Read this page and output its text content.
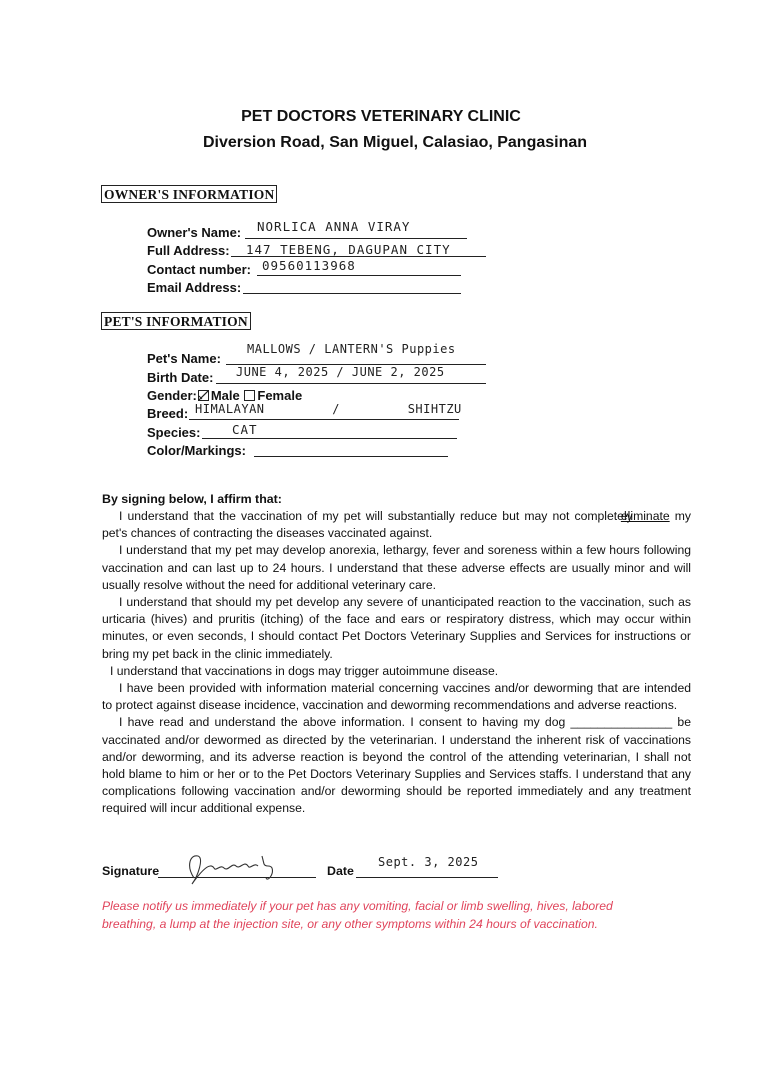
PET DOCTORS VETERINARY CLINIC
Diversion Road, San Miguel, Calasiao, Pangasinan
OWNER'S INFORMATION
Owner's Name: NORLICA ANNA VIRAY
Full Address: 147 TEBENG, DAGUPAN CITY
Contact number: 09560113968
Email Address:
PET'S INFORMATION
Pet's Name:
MALLOWS / LANTERN'S Puppies
Birth Date: JUNE 4, 2025 / JUNE 2, 2025
Gender: Male Female
Breed: HIMALAYAN / SHIHTZU
Species:	CAT
Color/Markings:
By signing below, I affirm that:

I understand that the vaccination of my pet will substantially reduce but may not completely eliminate my pet's chances of contracting the diseases vaccinated against.

I understand that my pet may develop anorexia, lethargy, fever and soreness within a few hours following vaccination and can last up to 24 hours. I understand that these adverse effects are usually minor and will usually resolve without the need for additional veterinary care.

I understand that should my pet develop any severe of unanticipated reaction to the vaccination, such as urticaria (hives) and pruritis (itching) of the face and ears or respiratory distress, which may occur within minutes, or even seconds, I should contact Pet Doctors Veterinary Supplies and Services for instructions or bring my pet back in the clinic immediately.

I understand that vaccinations in dogs may trigger autoimmune disease.

I have been provided with information material concerning vaccines and/or deworming that are intended to protect against disease incidence, vaccination and deworming recommendations and adverse reactions.

I have read and understand the above information. I consent to having my dog _______________ be vaccinated and/or dewormed as directed by the veterinarian. I understand the inherent risk of vaccinations and/or deworming, and its adverse reaction is beyond the control of the attending veterinarian, I shall not hold blame to him or her or to the Pet Doctors Veterinary Supplies and Services staffs. I understand that any complications following vaccination and/or deworming should be reported immediately and any treatment required will incur additional expense.

Signature	Date
Sept. 3, 2025
Please notify us immediately if your pet has any vomiting, facial or limb swelling, hives, labored breathing, a lump at the injection site, or any other symptoms within 24 hours of vaccination.
